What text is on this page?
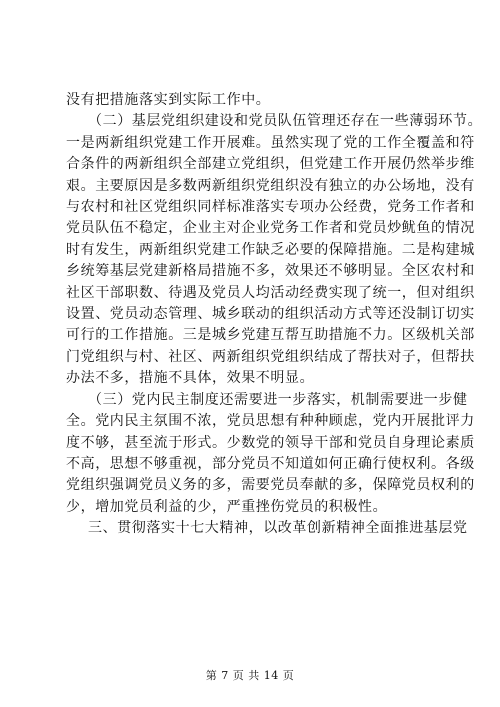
没有把措施落实到实际工作中。
（二）基层党组织建设和党员队伍管理还存在一些薄弱环节。
一是两新组织党建工作开展难。虽然实现了党的工作全覆盖和符
合条件的两新组织全部建立党组织，但党建工作开展仍然举步维
艰。主要原因是多数两新组织党组织没有独立的办公场地，没有
与农村和社区党组织同样标准落实专项办公经费，党务工作者和
党员队伍不稳定，企业主对企业党务工作者和党员炒鱿鱼的情况
时有发生，两新组织党建工作缺乏必要的保障措施。二是构建城
乡统筹基层党建新格局措施不多，效果还不够明显。全区农村和
社区干部职数、待遇及党员人均活动经费实现了统一，但对组织
设置、党员动态管理、城乡联动的组织活动方式等还没制订切实
可行的工作措施。三是城乡党建互帮互助措施不力。区级机关部
门党组织与村、社区、两新组织党组织结成了帮扶对子，但帮扶
办法不多，措施不具体，效果不明显。
（三）党内民主制度还需要进一步落实，机制需要进一步健
全。党内民主氛围不浓，党员思想有种种顾虑，党内开展批评力
度不够，甚至流于形式。少数党的领导干部和党员自身理论素质
不高，思想不够重视，部分党员不知道如何正确行使权利。各级
党组织强调党员义务的多，需要党员奉献的多，保障党员权利的
少，增加党员利益的少，严重挫伤党员的积极性。
三、贯彻落实十七大精神，以改革创新精神全面推进基层党
第 7 页 共 14 页
